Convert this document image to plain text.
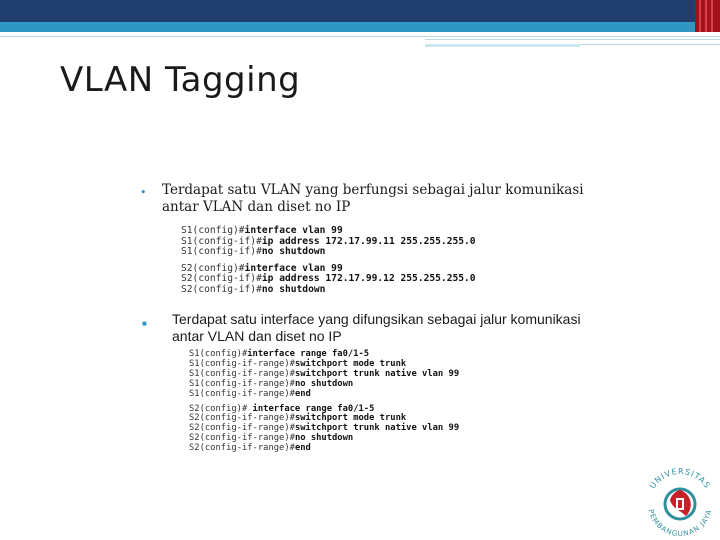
VLAN Tagging
•	Terdapat satu VLAN yang berfungsi sebagai jalur komunikasi antar VLAN dan diset no IP
S1(config)#interface vlan 99
S1(config-if)#ip address 172.17.99.11 255.255.255.0
S1(config-if)#no shutdown
S2(config)#interface vlan 99
S2(config-if)#ip address 172.17.99.12 255.255.255.0
S2(config-if)#no shutdown
■	Terdapat satu interface yang difungsikan sebagai jalur komunikasi antar VLAN dan diset no IP
S1(config)#interface range fa0/1-5
S1(config-if-range)#switchport mode trunk
S1(config-if-range)#switchport trunk native vlan 99
S1(config-if-range)#no shutdown
S1(config-if-range)#end
S2(config)# interface range fa0/1-5
S2(config-if-range)#switchport mode trunk
S2(config-if-range)#switchport trunk native vlan 99
S2(config-if-range)#no shutdown
S2(config-if-range)#end
UNIVERSITAS
PEMBANGUNAN JAYA
